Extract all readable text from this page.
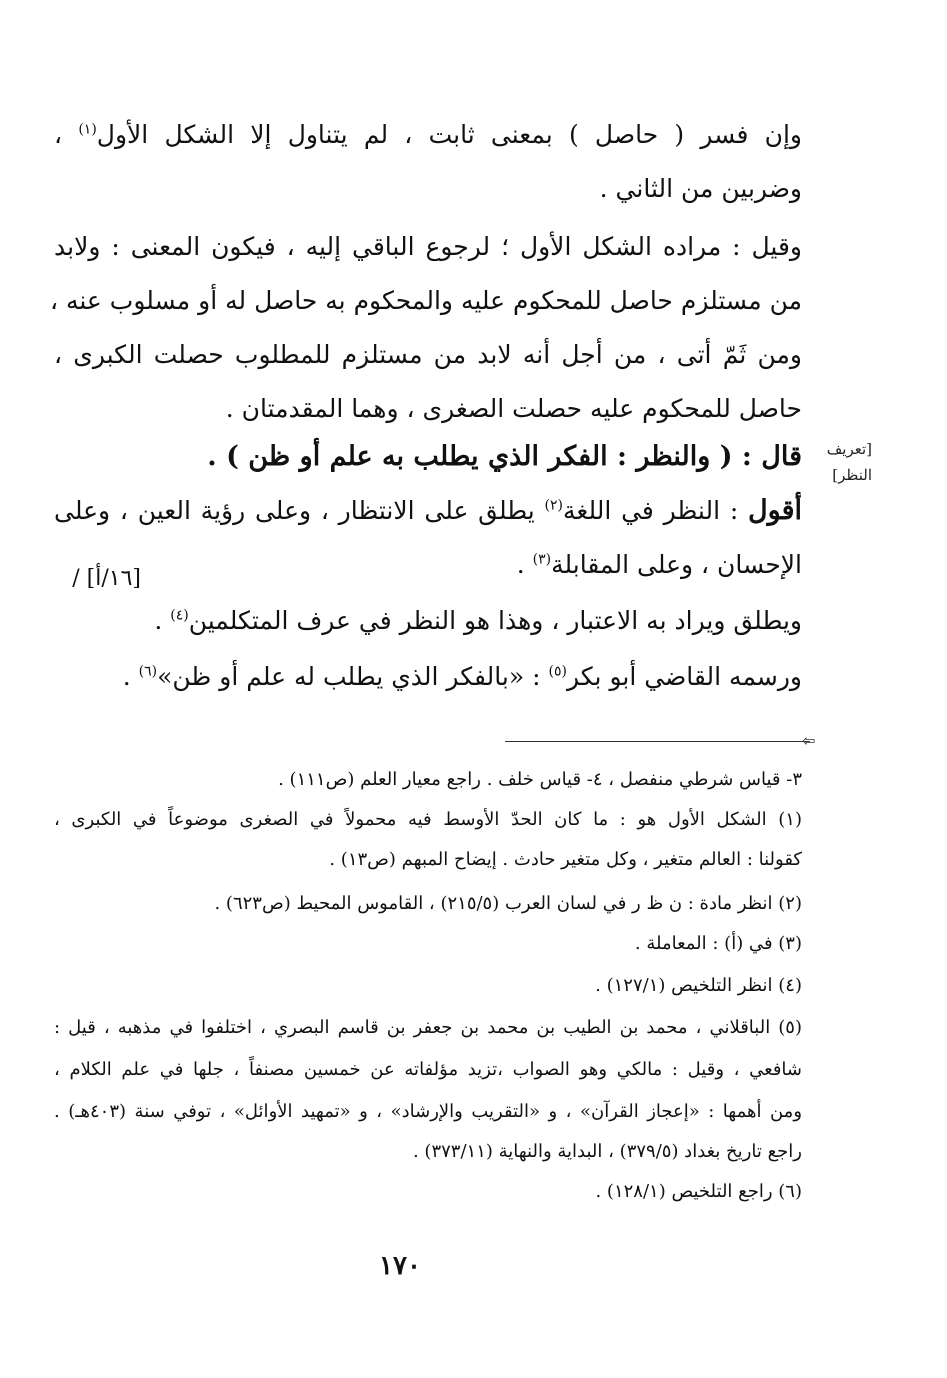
وإن فسر ( حاصل ) بمعنى ثابت ، لم يتناول إلا الشكل الأول$^{(١)}$ ،
وضربين من الثاني .
وقيل : مراده الشكل الأول ؛ لرجوع الباقي إليه ، فيكون المعنى : ولابد
من مستلزم حاصل للمحكوم عليه والمحكوم به حاصل له أو مسلوب عنه ،
ومن ثَمّ أتى ، من أجل أنه لابد من مستلزم للمطلوب حصلت الكبرى ،
حاصل للمحكوم عليه حصلت الصغرى ، وهما المقدمتان .
[تعريف النظر]
قال : ( والنظر : الفكر الذي يطلب به علم أو ظن ) .
أقول : النظر في اللغة$^{(٢)}$ يطلق على الانتظار ، وعلى رؤية العين ، وعلى
الإحسان ، وعلى المقابلة$^{(٣)}$ .
[١٦/أ] /
ويطلق ويراد به الاعتبار ، وهذا هو النظر في عرف المتكلمين$^{(٤)}$ .
ورسمه القاضي أبو بكر$^{(٥)}$ : «بالفكر الذي يطلب له علم أو ظن»$^{(٦)}$ .
⇦
٣- قياس شرطي منفصل ، ٤- قياس خلف . راجع معيار العلم (ص١١١) .
(١) الشكل الأول هو : ما كان الحدّ الأوسط فيه محمولاً في الصغرى موضوعاً في الكبرى ،
كقولنا : العالم متغير ، وكل متغير حادث . إيضاح المبهم (ص١٣) .
(٢) انظر مادة : ن ظ ر في لسان العرب (٢١٥/٥) ، القاموس المحيط (ص٦٢٣) .
(٣) في (أ) : المعاملة .
(٤) انظر التلخيص (١٢٧/١) .
(٥) الباقلاني ، محمد بن الطيب بن محمد بن جعفر بن قاسم البصري ، اختلفوا في مذهبه ، قيل :
شافعي ، وقيل : مالكي وهو الصواب ،تزيد مؤلفاته عن خمسين مصنفاً ، جلها في علم الكلام ،
ومن أهمها : «إعجاز القرآن» ، و «التقريب والإرشاد» ، و «تمهيد الأوائل» ، توفي سنة (٤٠٣هـ) .
راجع تاريخ بغداد (٣٧٩/٥) ، البداية والنهاية (٣٧٣/١١) .
(٦) راجع التلخيص (١٢٨/١) .
١٧٠
